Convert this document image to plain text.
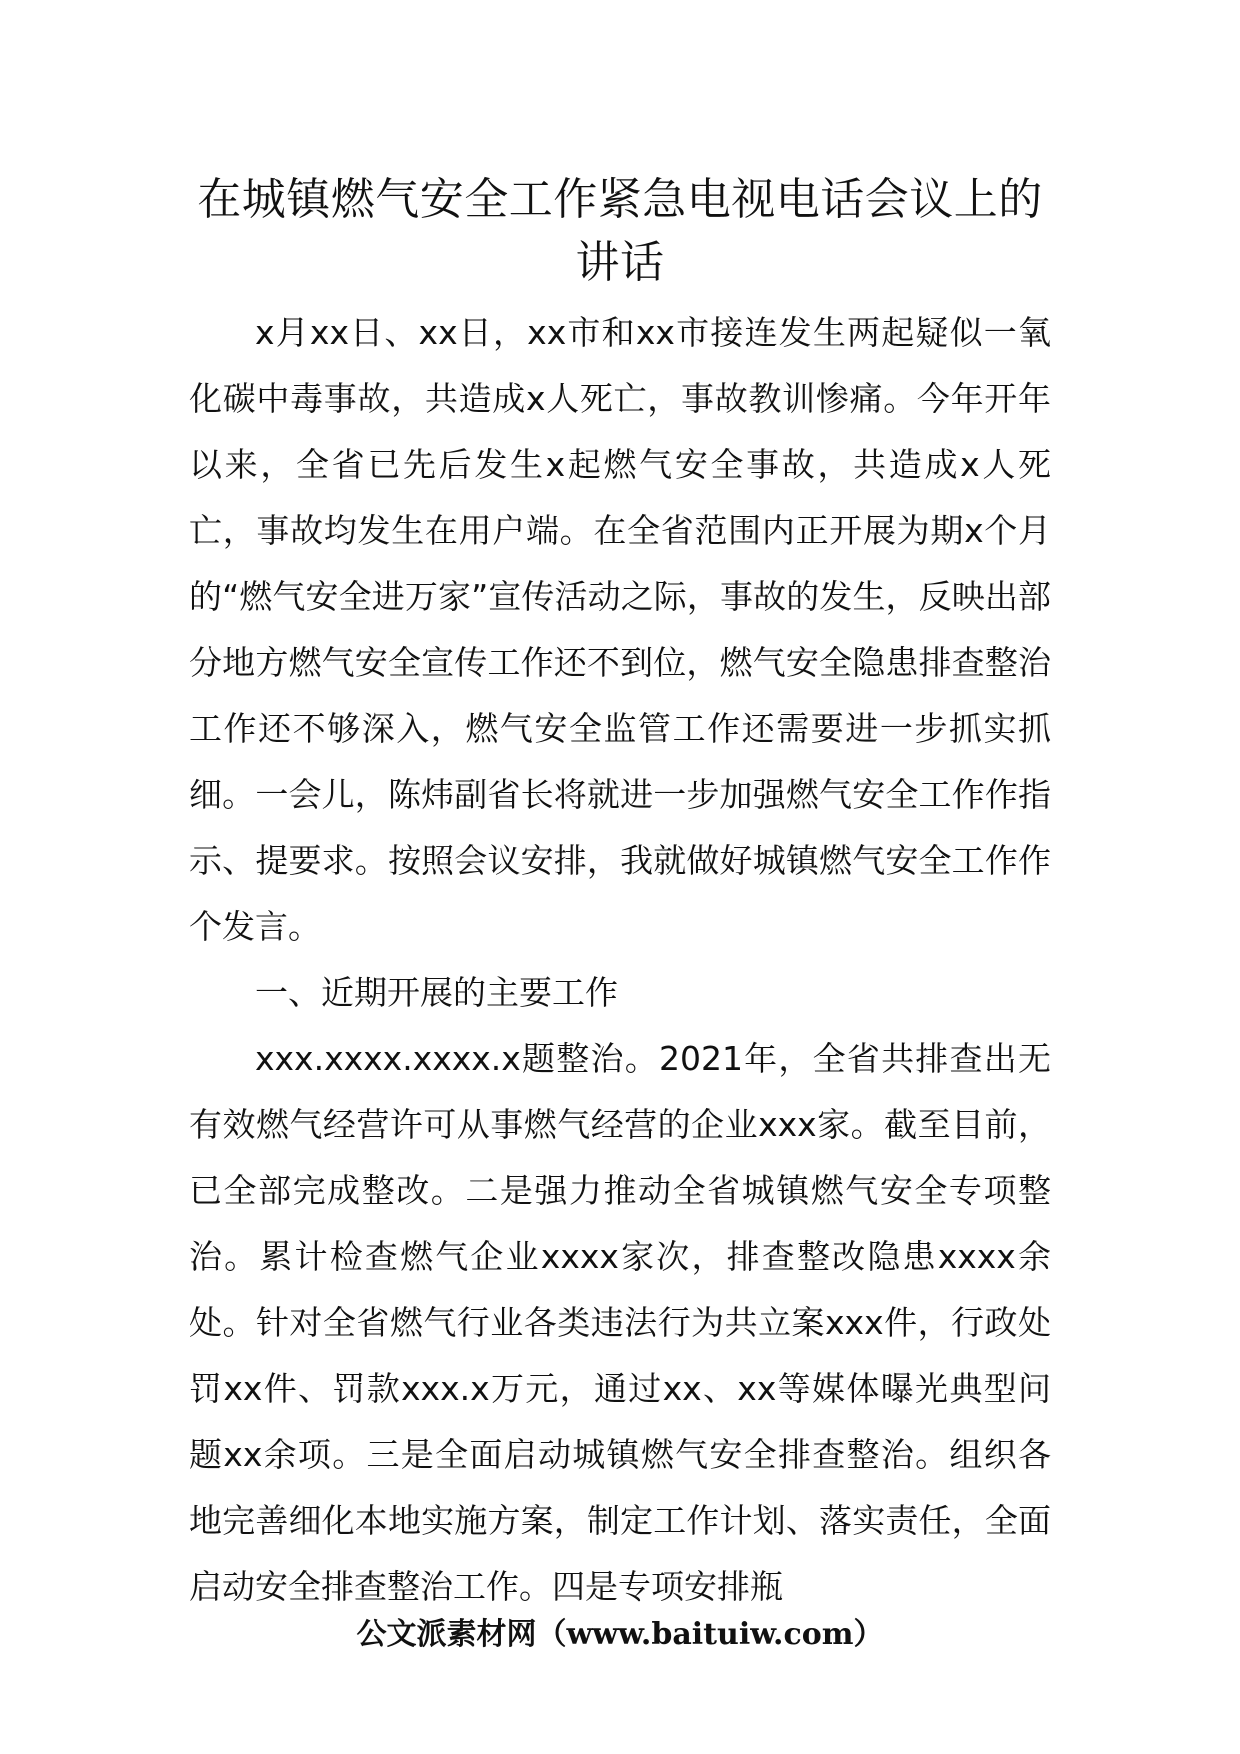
在城镇燃气安全工作紧急电视电话会议上的讲话

x月xx日、xx日，xx市和xx市接连发生两起疑似一氧化碳中毒事故，共造成x人死亡，事故教训惨痛。今年开年以来，全省已先后发生x起燃气安全事故，共造成x人死亡，事故均发生在用户端。在全省范围内正开展为期x个月的“燃气安全进万家”宣传活动之际，事故的发生，反映出部分地方燃气安全宣传工作还不到位，燃气安全隐患排查整治工作还不够深入，燃气安全监管工作还需要进一步抓实抓细。一会儿，陈炜副省长将就进一步加强燃气安全工作作指示、提要求。按照会议安排，我就做好城镇燃气安全工作作个发言。

一、近期开展的主要工作

xxx.xxxx.xxxx.x题整治。2021年，全省共排查出无有效燃气经营许可从事燃气经营的企业xxx家。截至目前，已全部完成整改。二是强力推动全省城镇燃气安全专项整治。累计检查燃气企业xxxx家次，排查整改隐患xxxx余处。针对全省燃气行业各类违法行为共立案xxx件，行政处罚xx件、罚款xxx.x万元，通过xx、xx等媒体曝光典型问题xx余项。三是全面启动城镇燃气安全排查整治。组织各地完善细化本地实施方案，制定工作计划、落实责任，全面启动安全排查整治工作。四是专项安排瓶

公文派素材网（www.baituiw.com）
